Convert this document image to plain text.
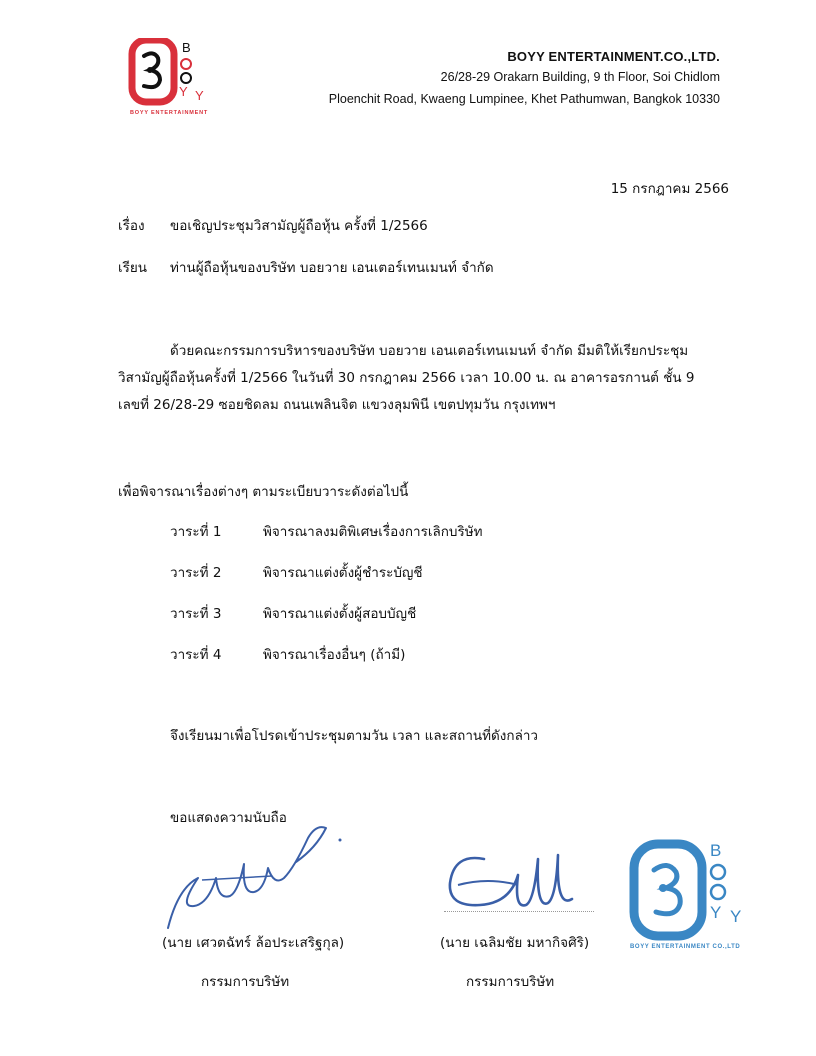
B
Y Y
BOYY ENTERTAINMENT
BOYY ENTERTAINMENT.CO.,LTD.
26/28-29 Orakarn Building, 9 th Floor, Soi Chidlom
Ploenchit Road, Kwaeng Lumpinee, Khet Pathumwan, Bangkok 10330
15 กรกฎาคม 2566
เรื่อง ขอเชิญประชุมวิสามัญผู้ถือหุ้น ครั้งที่ 1/2566
เรียน ท่านผู้ถือหุ้นของบริษัท บอยวาย เอนเตอร์เทนเมนท์ จำกัด
ด้วยคณะกรรมการบริหารของบริษัท บอยวาย เอนเตอร์เทนเมนท์ จำกัด มีมติให้เรียกประชุม
วิสามัญผู้ถือหุ้นครั้งที่ 1/2566 ในวันที่ 30 กรกฎาคม 2566 เวลา 10.00 น. ณ อาคารอรกานต์ ชั้น 9
เลขที่ 26/28-29 ซอยชิดลม ถนนเพลินจิต แขวงลุมพินี เขตปทุมวัน กรุงเทพฯ
เพื่อพิจารณาเรื่องต่างๆ ตามระเบียบวาระดังต่อไปนี้
วาระที่ 1	พิจารณาลงมติพิเศษเรื่องการเลิกบริษัท
วาระที่ 2	พิจารณาแต่งตั้งผู้ชำระบัญชี
วาระที่ 3	พิจารณาแต่งตั้งผู้สอบบัญชี
วาระที่ 4	พิจารณาเรื่องอื่นๆ (ถ้ามี)
จึงเรียนมาเพื่อโปรดเข้าประชุมตามวัน เวลา และสถานที่ดังกล่าว
ขอแสดงความนับถือ
(นาย เศวตฉัทร์ ล้อประเสริฐกุล)
กรรมการบริษัท
(นาย เฉลิมชัย มหากิจศิริ)
กรรมการบริษัท
B
Y Y
BOYY ENTERTAINMENT CO.,LTD
